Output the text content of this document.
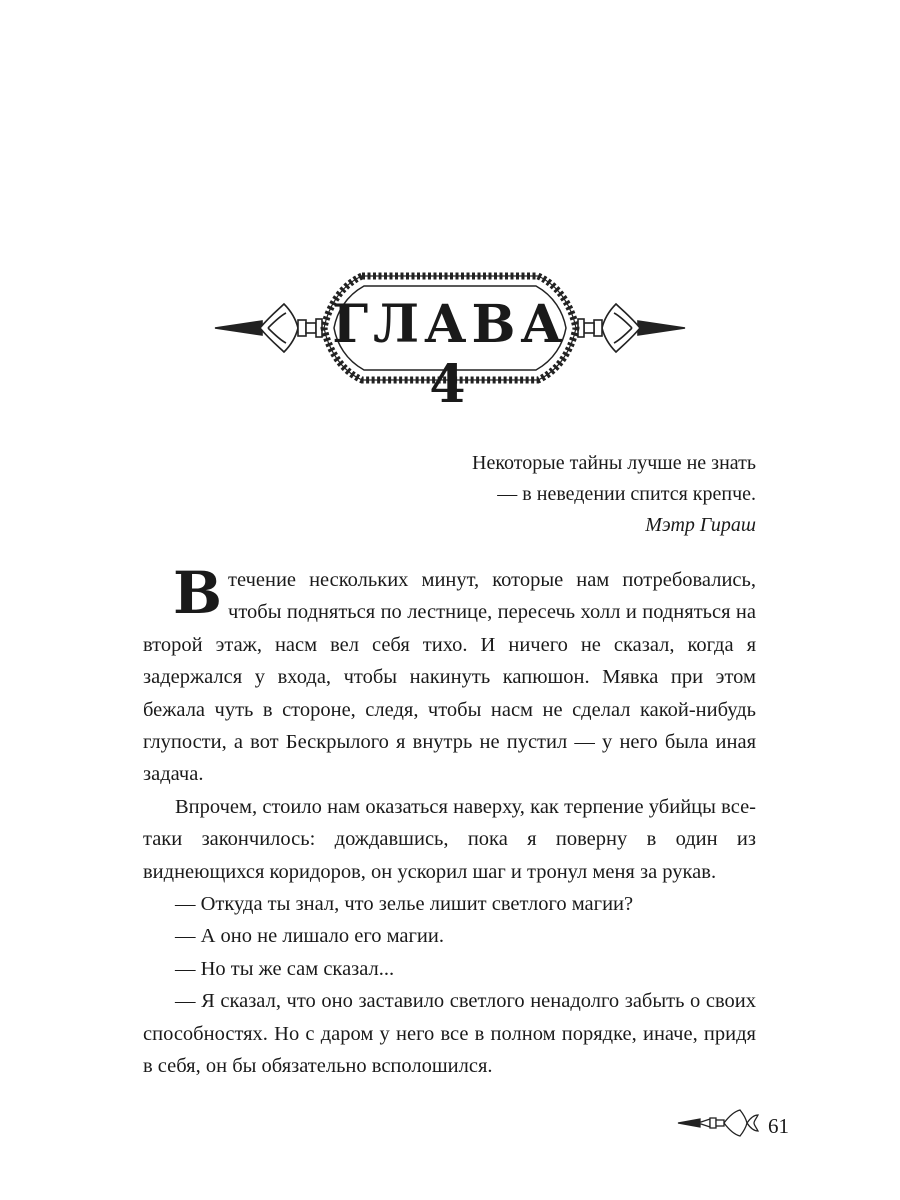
ГЛАВА 4
Некоторые тайны лучше не знать
— в неведении спится крепче.
Мэтр Гираш

В течение нескольких минут, которые нам потребовались, чтобы подняться по лестнице, пересечь холл и подняться на второй этаж, насм вел себя тихо. И ничего не сказал, когда я задержался у входа, чтобы накинуть капюшон. Мявка при этом бежала чуть в стороне, следя, чтобы насм не сделал какой-нибудь глупости, а вот Бескрылого я внутрь не пустил — у него была иная задача.

Впрочем, стоило нам оказаться наверху, как терпение убийцы все-таки закончилось: дождавшись, пока я поверну в один из виднеющихся коридоров, он ускорил шаг и тронул меня за рукав.

— Откуда ты знал, что зелье лишит светлого магии?

— А оно не лишало его магии.

— Но ты же сам сказал...

— Я сказал, что оно заставило светлого ненадолго забыть о своих способностях. Но с даром у него все в полном порядке, иначе, придя в себя, он бы обязательно всполошился.

61
